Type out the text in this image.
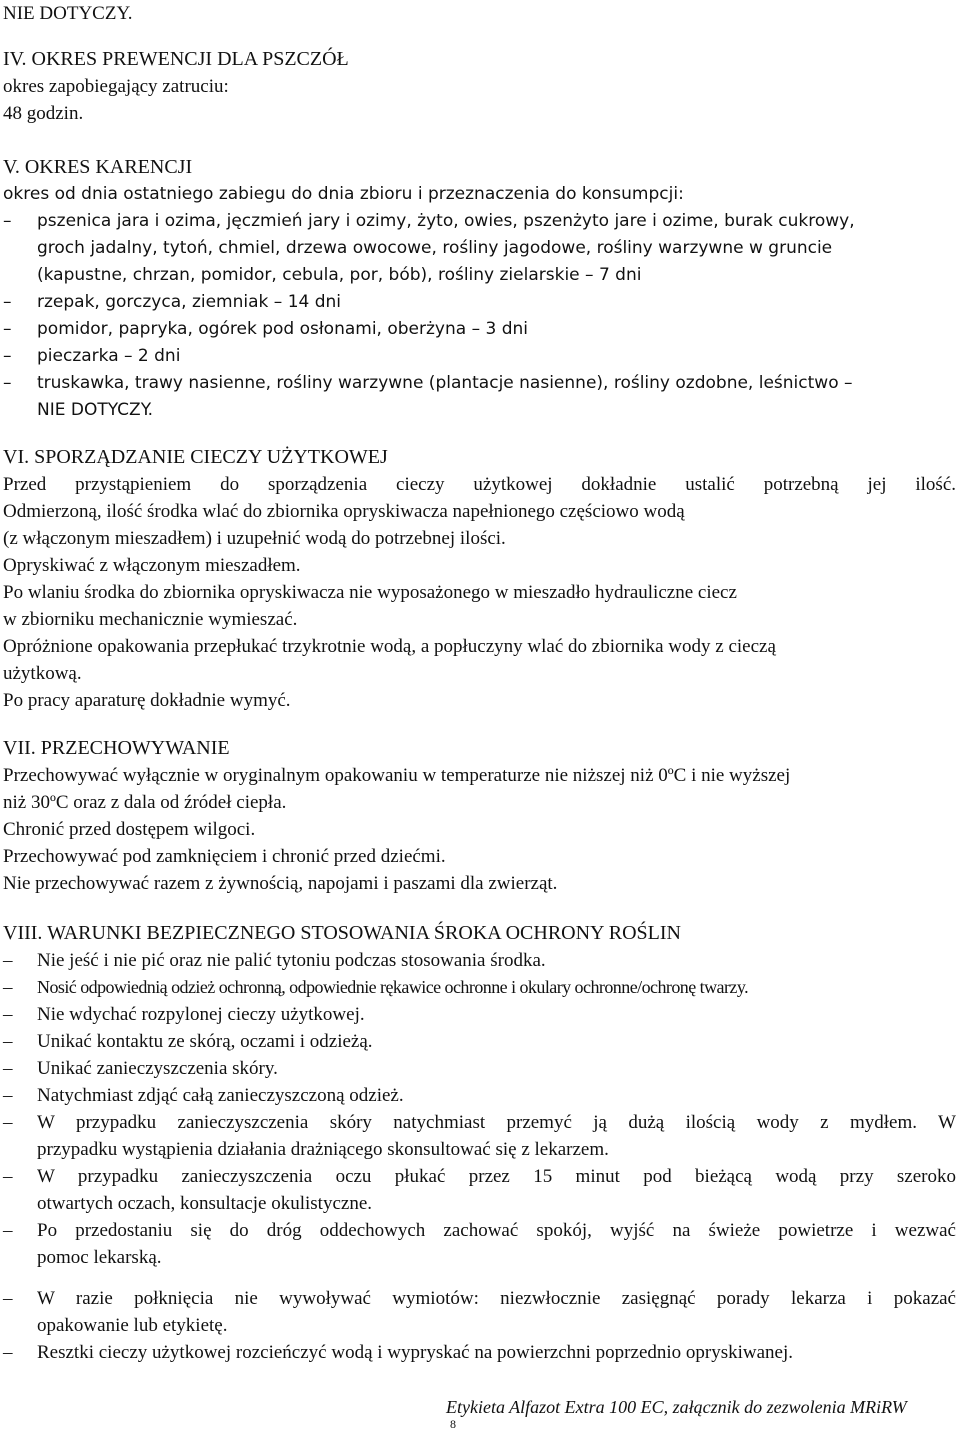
NIE DOTYCZY.
IV. OKRES PREWENCJI DLA PSZCZÓŁ
okres zapobiegający zatruciu:
48 godzin.
V. OKRES KARENCJI
okres od dnia ostatniego zabiegu do dnia zbioru i przeznaczenia do konsumpcji:
–	pszenica jara i ozima, jęczmień jary i ozimy, żyto, owies, pszenżyto jare i ozime, burak cukrowy,
groch jadalny, tytoń, chmiel, drzewa owocowe, rośliny jagodowe, rośliny warzywne w gruncie
(kapustne, chrzan, pomidor, cebula, por, bób), rośliny zielarskie – 7 dni
–	rzepak, gorczyca, ziemniak – 14 dni
–	pomidor, papryka, ogórek pod osłonami, oberżyna – 3 dni
–	pieczarka – 2 dni
–	truskawka, trawy nasienne, rośliny warzywne (plantacje nasienne), rośliny ozdobne, leśnictwo –
NIE DOTYCZY.
VI. SPORZĄDZANIE CIECZY UŻYTKOWEJ
Przed przystąpieniem do sporządzenia cieczy użytkowej dokładnie ustalić potrzebną jej ilość.
Odmierzoną, ilość środka wlać do zbiornika opryskiwacza napełnionego częściowo wodą
(z włączonym mieszadłem) i uzupełnić wodą do potrzebnej ilości.
Opryskiwać z włączonym mieszadłem.
Po wlaniu środka do zbiornika opryskiwacza nie wyposażonego w mieszadło hydrauliczne ciecz
w zbiorniku mechanicznie wymieszać.
Opróżnione opakowania przepłukać trzykrotnie wodą, a popłuczyny wlać do zbiornika wody z cieczą
użytkową.
Po pracy aparaturę dokładnie wymyć.
VII. PRZECHOWYWANIE
Przechowywać wyłącznie w oryginalnym opakowaniu w temperaturze nie niższej niż 0ºC i nie wyższej
niż 30ºC oraz z dala od źródeł ciepła.
Chronić przed dostępem wilgoci.
Przechowywać pod zamknięciem i chronić przed dziećmi.
Nie przechowywać razem z żywnością, napojami i paszami dla zwierząt.
VIII. WARUNKI BEZPIECZNEGO STOSOWANIA ŚROKA OCHRONY ROŚLIN
–	Nie jeść i nie pić oraz nie palić tytoniu podczas stosowania środka.
–	Nosić odpowiednią odzież ochronną, odpowiednie rękawice ochronne i okulary ochronne/ochronę twarzy.
–	Nie wdychać rozpylonej cieczy użytkowej.
–	Unikać kontaktu ze skórą, oczami i odzieżą.
–	Unikać zanieczyszczenia skóry.
–	Natychmiast zdjąć całą zanieczyszczoną odzież.
–	W przypadku zanieczyszczenia skóry natychmiast przemyć ją dużą ilością wody z mydłem. W
przypadku wystąpienia działania drażniącego skonsultować się z lekarzem.
–	W przypadku zanieczyszczenia oczu płukać przez 15 minut pod bieżącą wodą przy szeroko
otwartych oczach, konsultacje okulistyczne.
–	Po przedostaniu się do dróg oddechowych zachować spokój, wyjść na świeże powietrze i wezwać
pomoc lekarską.
–	W razie połknięcia nie wywoływać wymiotów: niezwłocznie zasięgnąć porady lekarza i pokazać
opakowanie lub etykietę.
–	Resztki cieczy użytkowej rozcieńczyć wodą i wypryskać na powierzchni poprzednio opryskiwanej.
Etykieta Alfazot Extra 100 EC, załącznik do zezwolenia MRiRW
8
